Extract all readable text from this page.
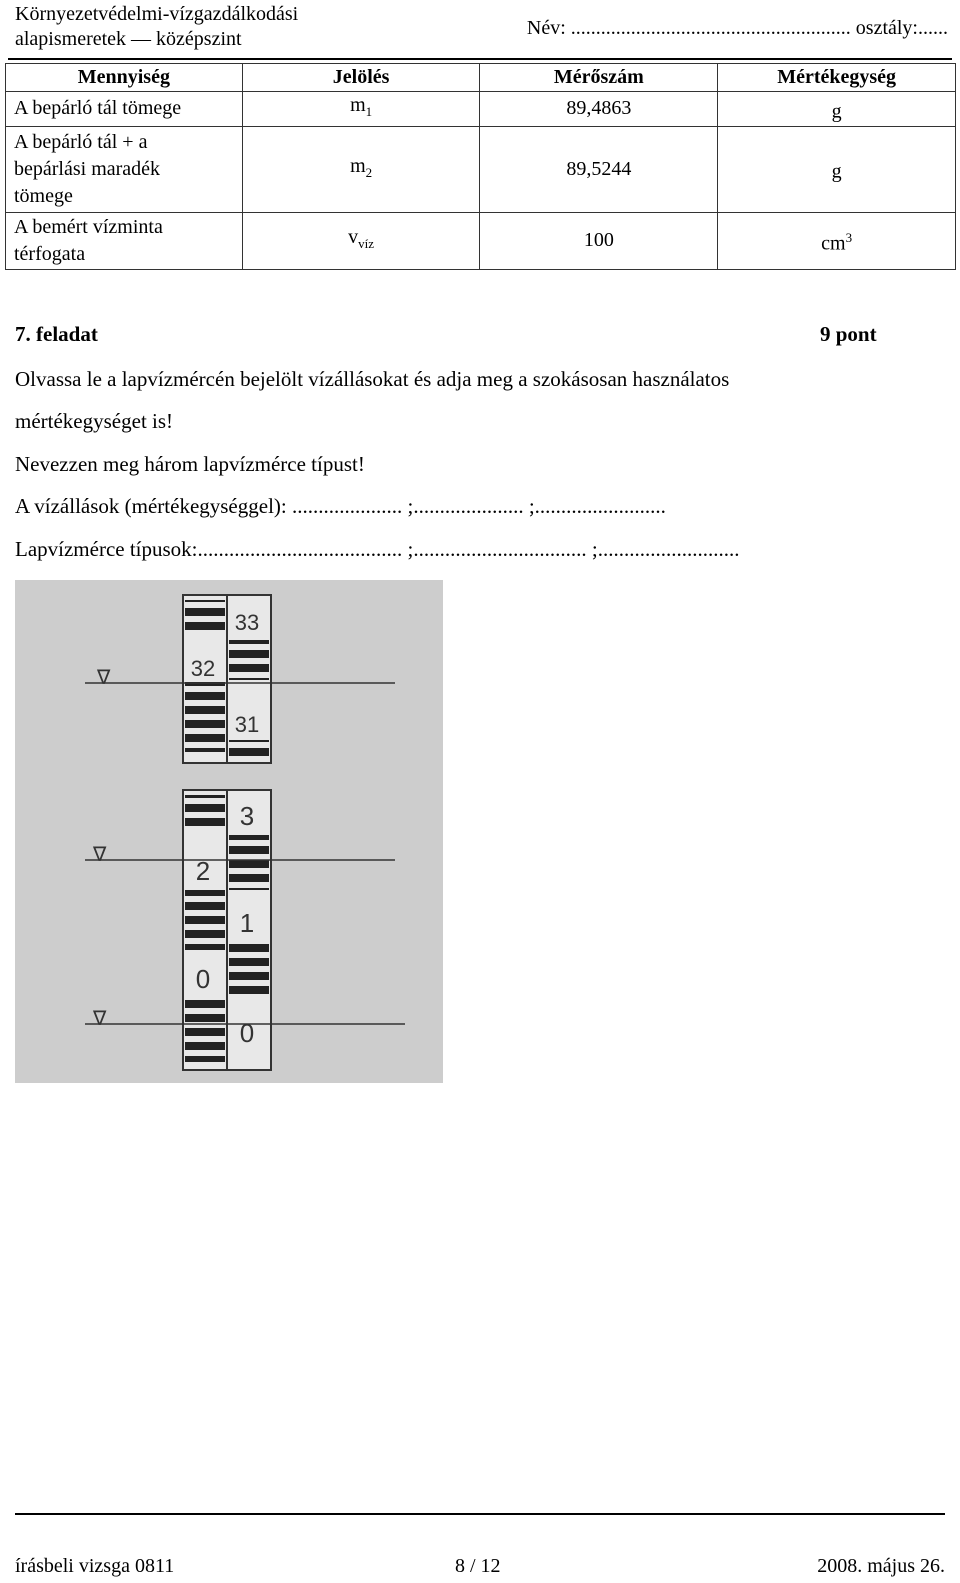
Környezetvédelmi-vízgazdálkodási
alapismeretek — középszint	Név: ........................................................ osztály:......
Mennyiség	Jelölés	Mérőszám	Mértékegység
A bepárló tál tömege	$m_1$	89,4863	g
A bepárló tál + a bepárlási maradék tömege	$m_2$	89,5244	g
A bemért vízminta térfogata	$v_{víz}$	100	$cm^3$
7. feladat	9 pont
Olvassa le a lapvízmércén bejelölt vízállásokat és adja meg a szokásosan használatos
mértékegységet is!
Nevezzen meg három lapvízmérce típust!
A vízállások (mértékegységgel): ..................... ;..................... ;.........................
Lapvízmérce típusok:....................................... ;................................. ;...........................
33
32
31
∇
3
2
1
0
0
∇
∇
írásbeli vizsga 0811	8 / 12	2008. május 26.
